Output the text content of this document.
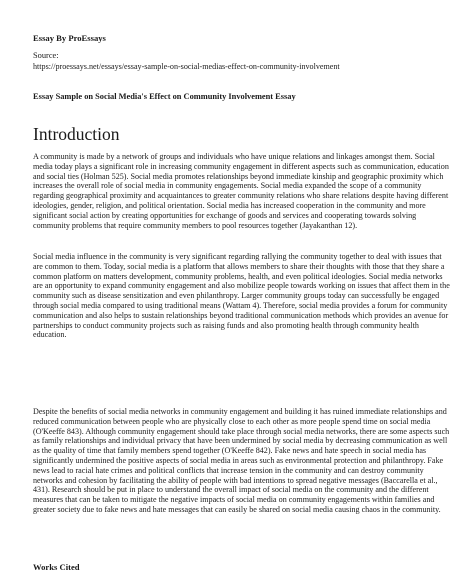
Essay By ProEssays
Source:
https://proessays.net/essays/essay-sample-on-social-medias-effect-on-community-involvement
Essay Sample on Social Media's Effect on Community Involvement Essay
Introduction

A community is made by a network of groups and individuals who have unique relations and linkages amongst them. Social media today plays a significant role in increasing community engagement in different aspects such as communication, education and social ties (Holman 525). Social media promotes relationships beyond immediate kinship and geographic proximity which increases the overall role of social media in community engagements. Social media expanded the scope of a community regarding geographical proximity and acquaintances to greater community relations who share relations despite having different ideologies, gender, religion, and political orientation. Social media has increased cooperation in the community and more significant social action by creating opportunities for exchange of goods and services and cooperating towards solving community problems that require community members to pool resources together (Jayakanthan 12).

Social media influence in the community is very significant regarding rallying the community together to deal with issues that are common to them. Today, social media is a platform that allows members to share their thoughts with those that they share a common platform on matters development, community problems, health, and even political ideologies. Social media networks are an opportunity to expand community engagement and also mobilize people towards working on issues that affect them in the community such as disease sensitization and even philanthropy. Larger community groups today can successfully be engaged through social media compared to using traditional means (Wattam 4). Therefore, social media provides a forum for community communication and also helps to sustain relationships beyond traditional communication methods which provides an avenue for partnerships to conduct community projects such as raising funds and also promoting health through community health education.

Despite the benefits of social media networks in community engagement and building it has ruined immediate relationships and reduced communication between people who are physically close to each other as more people spend time on social media (O'Keeffe 843). Although community engagement should take place through social media networks, there are some aspects such as family relationships and individual privacy that have been undermined by social media by decreasing communication as well as the quality of time that family members spend together (O'Keeffe 842). Fake news and hate speech in social media has significantly undermined the positive aspects of social media in areas such as environmental protection and philanthropy. Fake news lead to racial hate crimes and political conflicts that increase tension in the community and can destroy community networks and cohesion by facilitating the ability of people with bad intentions to spread negative messages (Baccarella et al., 431). Research should be put in place to understand the overall impact of social media on the community and the different measures that can be taken to mitigate the negative impacts of social media on community engagements within families and greater society due to fake news and hate messages that can easily be shared on social media causing chaos in the community.

Works Cited
